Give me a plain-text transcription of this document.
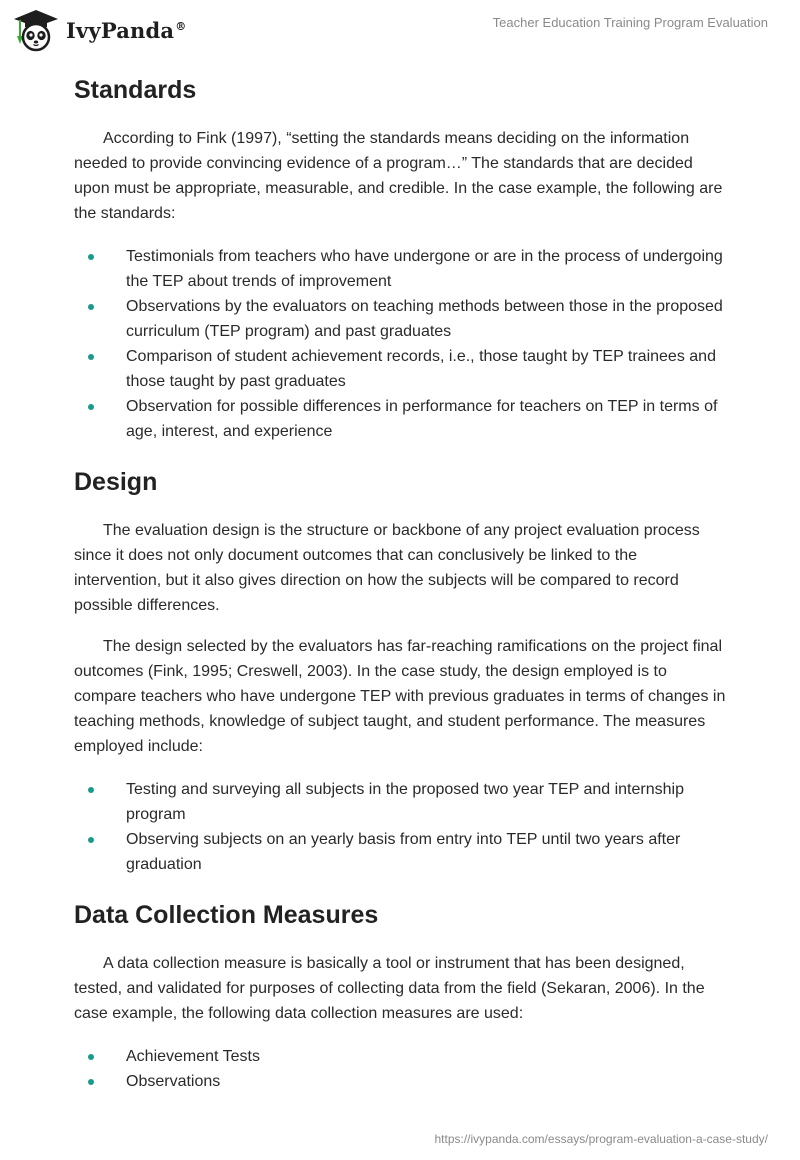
IvyPanda®	Teacher Education Training Program Evaluation
Standards

According to Fink (1997), “setting the standards means deciding on the information needed to provide convincing evidence of a program…” The standards that are decided upon must be appropriate, measurable, and credible. In the case example, the following are the standards:

Testimonials from teachers who have undergone or are in the process of undergoing the TEP about trends of improvement
Observations by the evaluators on teaching methods between those in the proposed curriculum (TEP program) and past graduates
Comparison of student achievement records, i.e., those taught by TEP trainees and those taught by past graduates
Observation for possible differences in performance for teachers on TEP in terms of age, interest, and experience
Design

The evaluation design is the structure or backbone of any project evaluation process since it does not only document outcomes that can conclusively be linked to the intervention, but it also gives direction on how the subjects will be compared to record possible differences.

The design selected by the evaluators has far-reaching ramifications on the project final outcomes (Fink, 1995; Creswell, 2003). In the case study, the design employed is to compare teachers who have undergone TEP with previous graduates in terms of changes in teaching methods, knowledge of subject taught, and student performance. The measures employed include:

Testing and surveying all subjects in the proposed two year TEP and internship program
Observing subjects on an yearly basis from entry into TEP until two years after graduation
Data Collection Measures

A data collection measure is basically a tool or instrument that has been designed, tested, and validated for purposes of collecting data from the field (Sekaran, 2006). In the case example, the following data collection measures are used:

Achievement Tests
Observations
https://ivypanda.com/essays/program-evaluation-a-case-study/
